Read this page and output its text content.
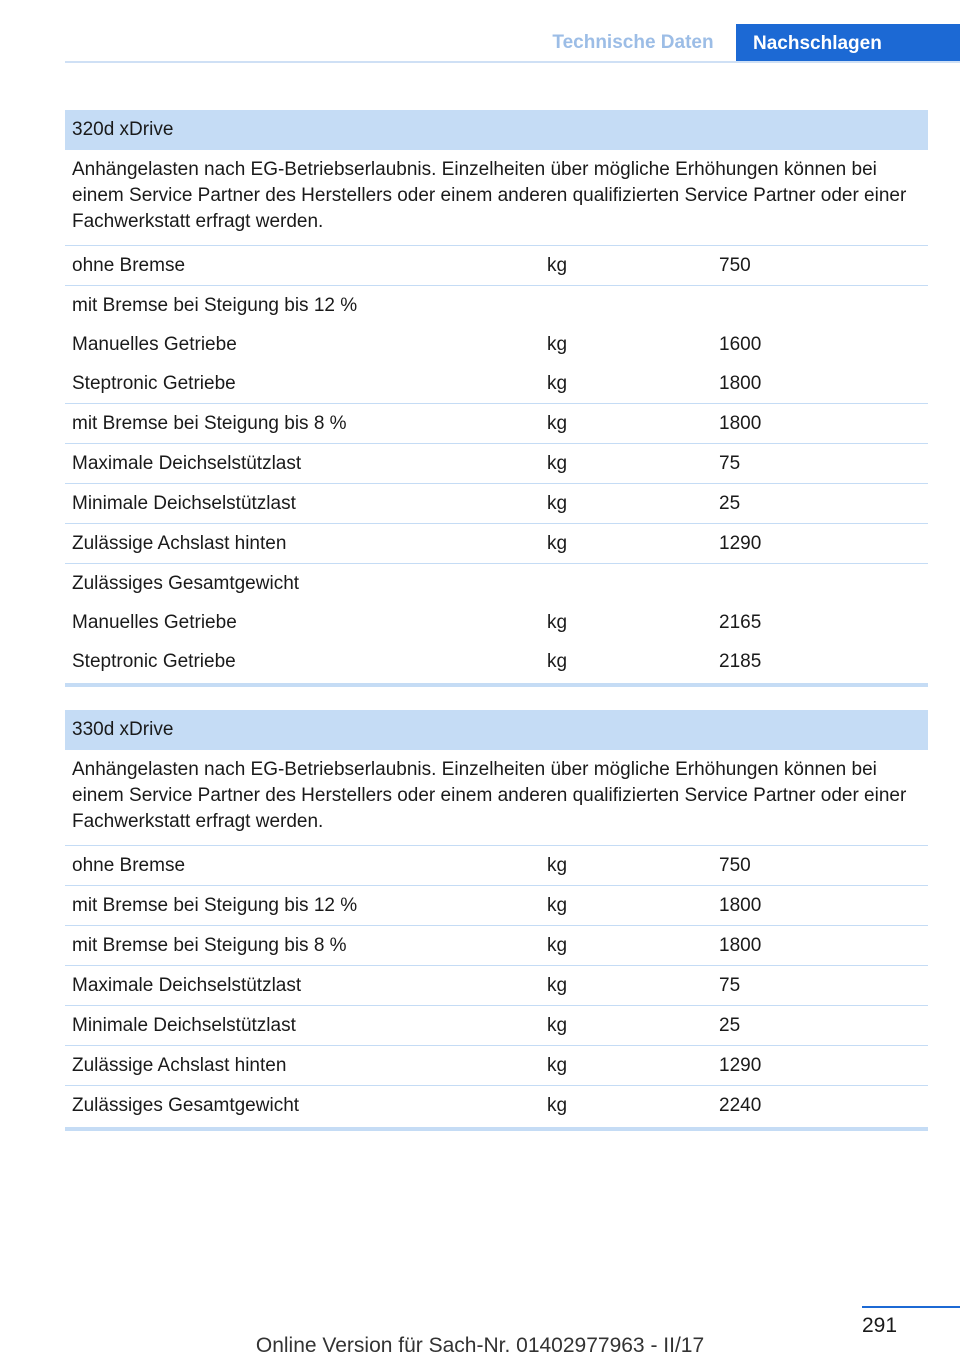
Technische Daten	Nachschlagen
320d xDrive
Anhängelasten nach EG-Betriebserlaubnis. Einzelheiten über mögliche Erhöhungen können bei einem Service Partner des Herstellers oder einem anderen qualifizierten Service Partner oder einer Fachwerkstatt erfragt werden.
ohne Bremse	kg	750
mit Bremse bei Steigung bis 12 %		
Manuelles Getriebe	kg	1600
Steptronic Getriebe	kg	1800
mit Bremse bei Steigung bis 8 %	kg	1800
Maximale Deichselstützlast	kg	75
Minimale Deichselstützlast	kg	25
Zulässige Achslast hinten	kg	1290
Zulässiges Gesamtgewicht		
Manuelles Getriebe	kg	2165
Steptronic Getriebe	kg	2185
330d xDrive
Anhängelasten nach EG-Betriebserlaubnis. Einzelheiten über mögliche Erhöhungen können bei einem Service Partner des Herstellers oder einem anderen qualifizierten Service Partner oder einer Fachwerkstatt erfragt werden.
ohne Bremse	kg	750
mit Bremse bei Steigung bis 12 %	kg	1800
mit Bremse bei Steigung bis 8 %	kg	1800
Maximale Deichselstützlast	kg	75
Minimale Deichselstützlast	kg	25
Zulässige Achslast hinten	kg	1290
Zulässiges Gesamtgewicht	kg	2240
291
Online Version für Sach-Nr. 01402977963 - II/17
